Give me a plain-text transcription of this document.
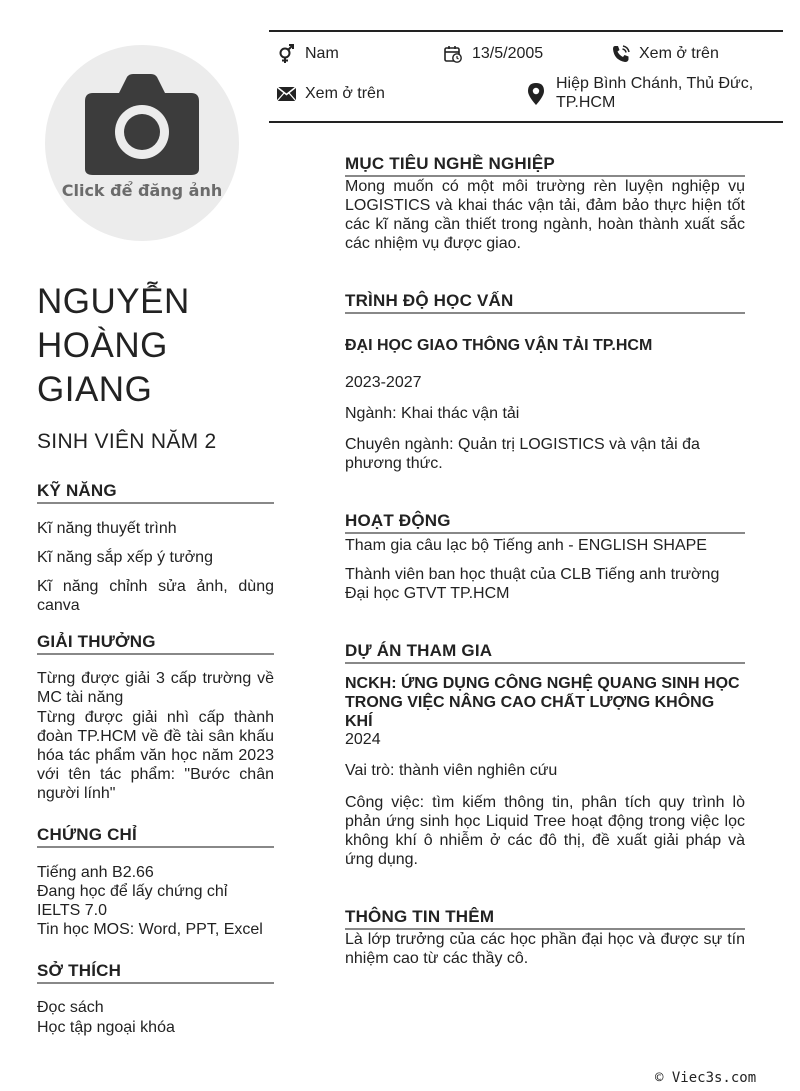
Click để đăng ảnh
Nam	13/5/2005	Xem ở trên
Xem ở trên
Hiệp Bình Chánh, Thủ Đức, TP.HCM
NGUYỄN HOÀNG GIANG
SINH VIÊN NĂM 2
KỸ NĂNG
Kĩ năng thuyết trình
Kĩ năng sắp xếp ý tưởng
Kĩ năng chỉnh sửa ảnh, dùng canva
GIẢI THƯỞNG
Từng được giải 3 cấp trường về MC tài năng
Từng được giải nhì cấp thành đoàn TP.HCM về đề tài sân khấu hóa tác phẩm văn học năm 2023 với tên tác phẩm: "Bước chân người lính"
CHỨNG CHỈ
Tiếng anh B2.66
Đang học để lấy chứng chỉ IELTS 7.0
Tin học MOS: Word, PPT, Excel
SỞ THÍCH
Đọc sách
Học tập ngoại khóa
MỤC TIÊU NGHỀ NGHIỆP
Mong muốn có một môi trường rèn luyện nghiệp vụ LOGISTICS và khai thác vận tải, đảm bảo thực hiện tốt các kĩ năng cần thiết trong ngành, hoàn thành xuất sắc các nhiệm vụ được giao.
TRÌNH ĐỘ HỌC VẤN
ĐẠI HỌC GIAO THÔNG VẬN TẢI TP.HCM
2023-2027
Ngành: Khai thác vận tải
Chuyên ngành: Quản trị LOGISTICS và vận tải đa phương thức.
HOẠT ĐỘNG
Tham gia câu lạc bộ Tiếng anh - ENGLISH SHAPE
Thành viên ban học thuật của CLB Tiếng anh trường Đại học GTVT TP.HCM
DỰ ÁN THAM GIA
NCKH: ỨNG DỤNG CÔNG NGHỆ QUANG SINH HỌC TRONG VIỆC NÂNG CAO CHẤT LƯỢNG KHÔNG KHÍ
2024
Vai trò: thành viên nghiên cứu
Công việc: tìm kiếm thông tin, phân tích quy trình lò phản ứng sinh học Liquid Tree hoạt động trong việc lọc không khí ô nhiễm ở các đô thị, đề xuất giải pháp và ứng dụng.
THÔNG TIN THÊM
Là lớp trưởng của các học phần đại học và được sự tín nhiệm cao từ các thầy cô.
© Viec3s.com
